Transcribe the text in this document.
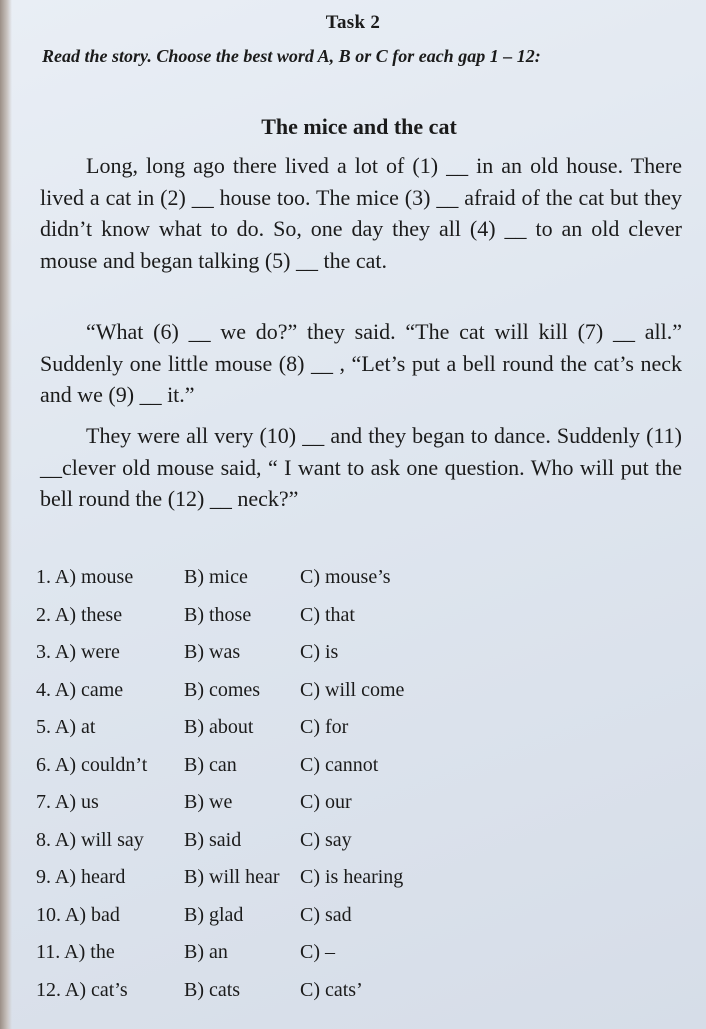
Task 2
Read the story. Choose the best word A, B or C for each gap 1 – 12:
The mice and the cat

Long, long ago there lived a lot of (1) __ in an old house. There lived a cat in (2) __ house too. The mice (3) __ afraid of the cat but they didn’t know what to do. So, one day they all (4) __ to an old clever mouse and began talking (5) __ the cat.

“What (6) __ we do?” they said. “The cat will kill (7) __ all.” Suddenly one little mouse (8) __ , “Let’s put a bell round the cat’s neck and we (9) __ it.”

They were all very (10) __ and they began to dance. Suddenly (11) __clever old mouse said, “ I want to ask one question. Who will put the bell round the (12) __ neck?”

1. A) mouse	B) mice	C) mouse’s
2. A) these	B) those C) that
3. A) were	B) was	C) is
4. A) came	B) comes C) will come
5. A) at	B) about C) for
6. A) couldn’t B) can	C) cannot
7. A) us	B) we	C) our
8. A) will say B) said	C) say
9. A) heard	B) will hear C) is hearing
10. A) bad	B) glad	C) sad
11. A) the	B) an	C) –
12. A) cat’s	B) cats	C) cats’
